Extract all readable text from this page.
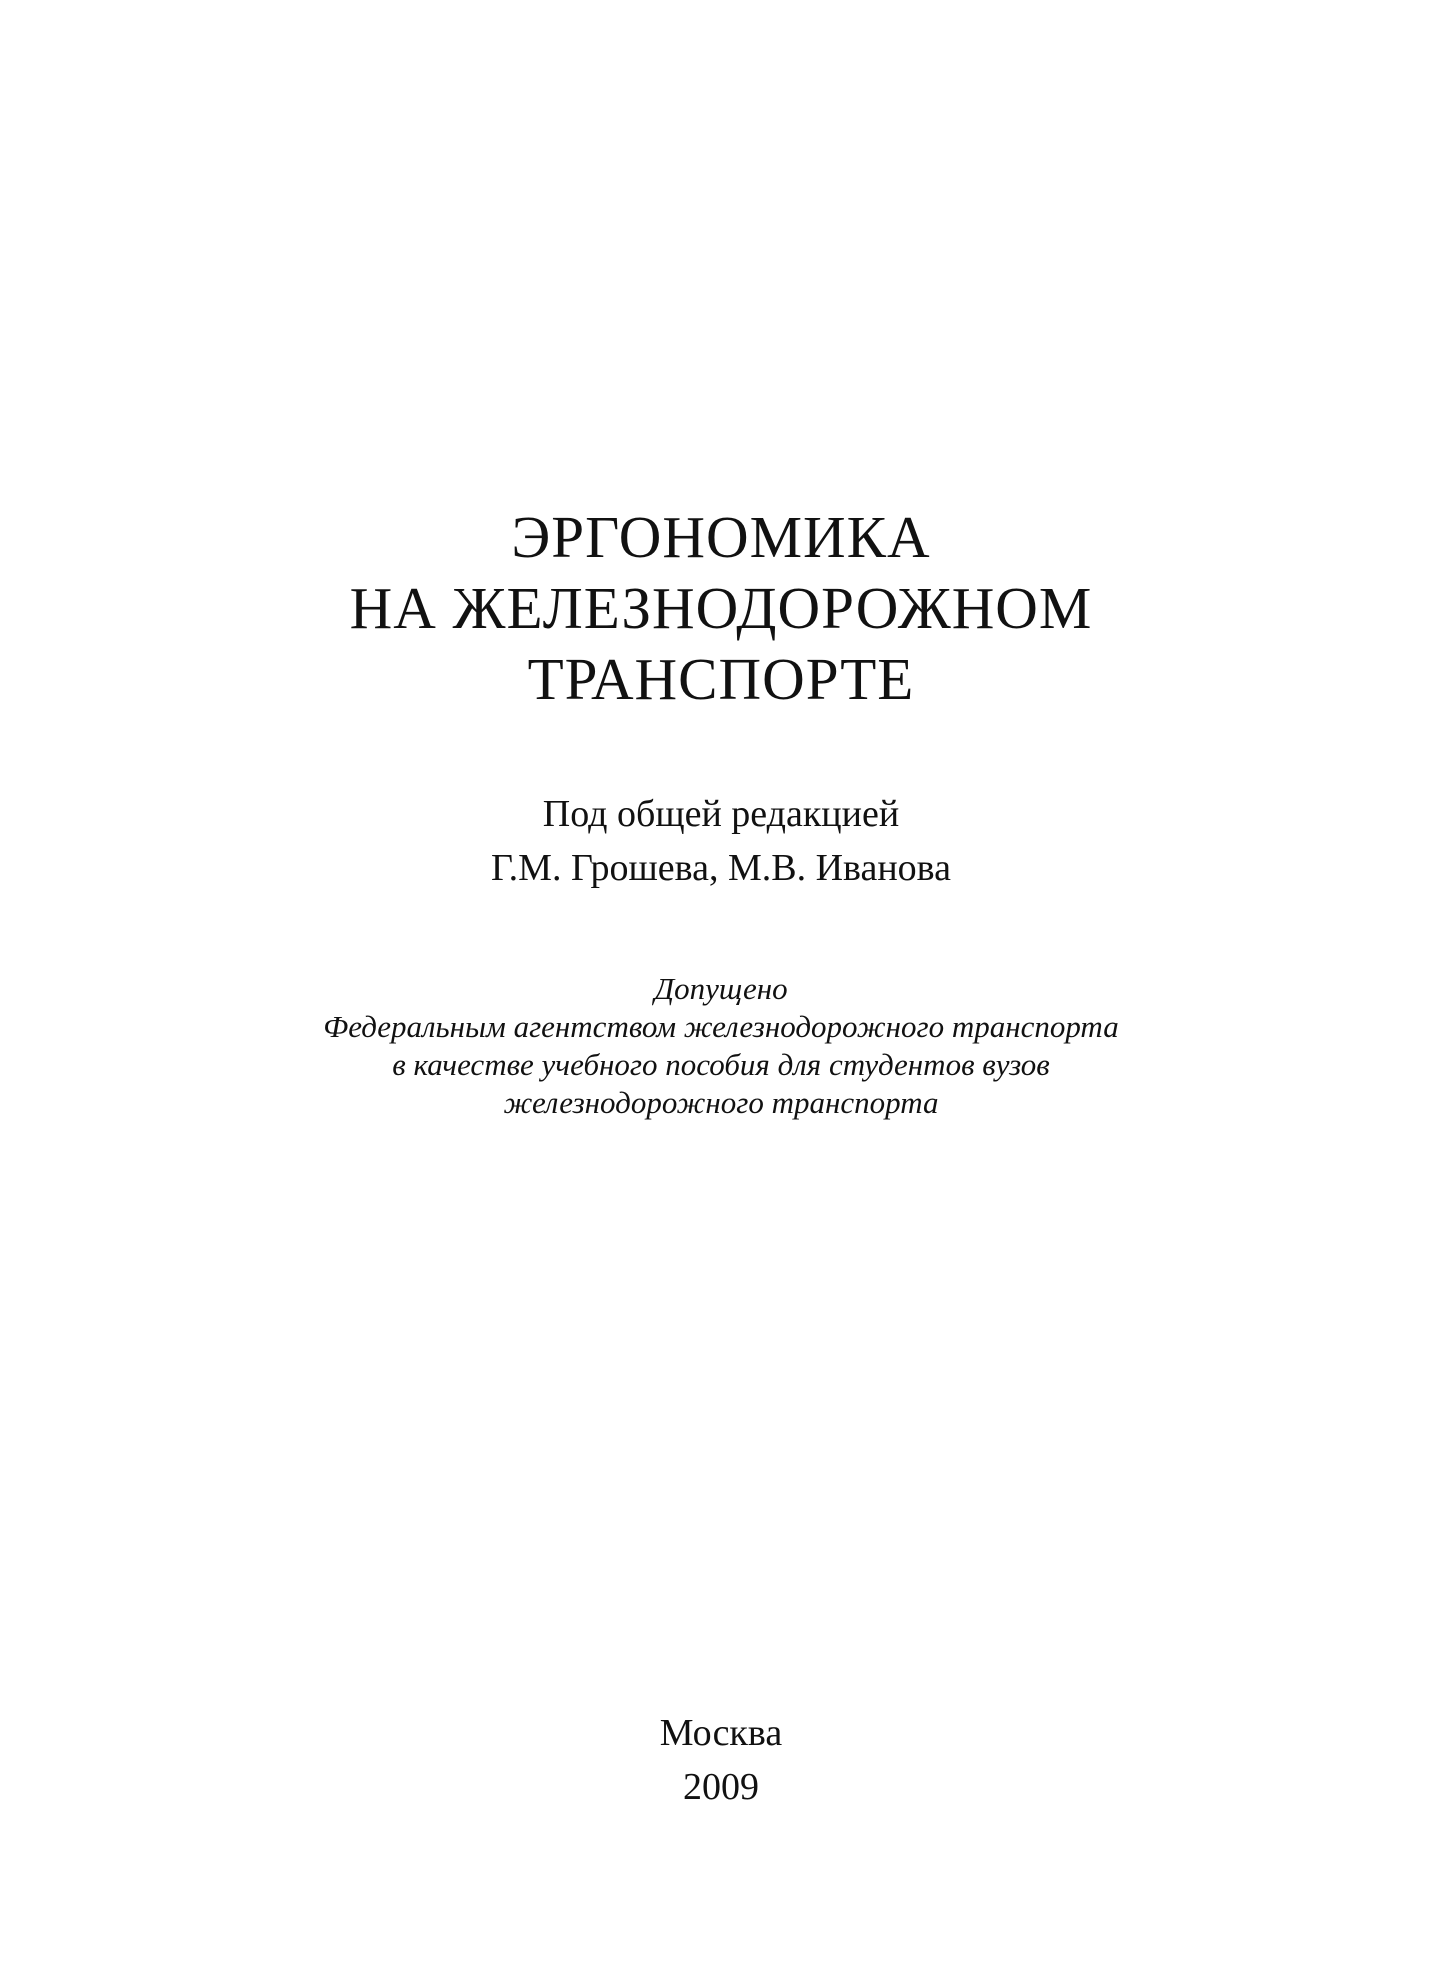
ЭРГОНОМИКА
НА ЖЕЛЕЗНОДОРОЖНОМ
ТРАНСПОРТЕ
Под общей редакцией
Г.М. Грошева, М.В. Иванова
Допущено
Федеральным агентством железнодорожного транспорта
в качестве учебного пособия для студентов вузов
железнодорожного транспорта
Москва
2009
